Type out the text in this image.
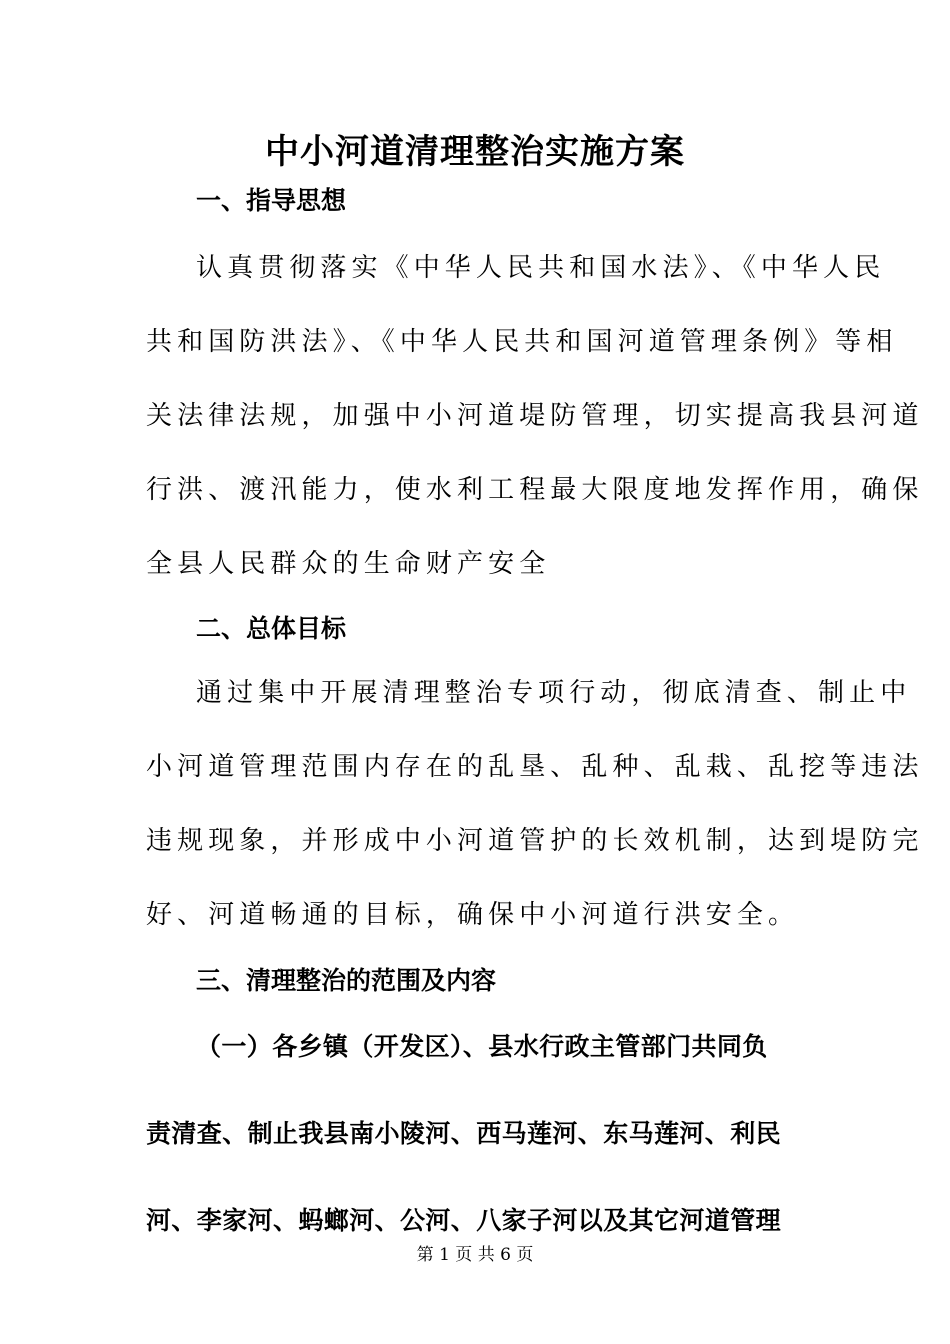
中小河道清理整治实施方案
一、指导思想
认真贯彻落实《中华人民共和国水法》、《中华人民
共和国防洪法》、《中华人民共和国河道管理条例》等相
关法律法规，加强中小河道堤防管理，切实提高我县河道
行洪、渡汛能力，使水利工程最大限度地发挥作用，确保
全县人民群众的生命财产安全
二、总体目标
通过集中开展清理整治专项行动，彻底清查、制止中
小河道管理范围内存在的乱垦、乱种、乱栽、乱挖等违法
违规现象，并形成中小河道管护的长效机制，达到堤防完
好、河道畅通的目标，确保中小河道行洪安全。
三、清理整治的范围及内容
（一）各乡镇（开发区）、县水行政主管部门共同负
责清查、制止我县南小陵河、西马莲河、东马莲河、利民
河、李家河、蚂螂河、公河、八家子河以及其它河道管理

第 1 页 共 6 页
